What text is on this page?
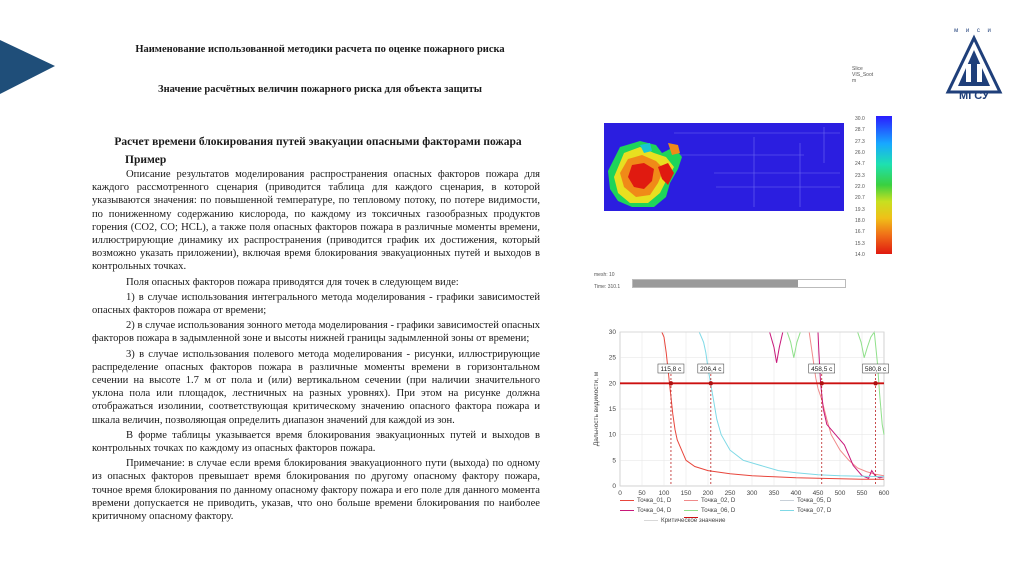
м и с и
МГСУ
Наименование использованной методики расчета по оценке пожарного риска
Значение расчётных величин пожарного риска для объекта защиты
Расчет времени блокирования путей эвакуации опасными факторами пожара
Пример

Описание результатов моделирования распространения опасных факторов пожара для каждого рассмотренного сценария (приводится таблица для каждого сценария, в которой указываются значения: по повышенной температуре, по тепловому потоку, по потере видимости, по пониженному содержанию кислорода, по каждому из токсичных газообразных продуктов горения (CO2, CO; HCL), а также поля опасных факторов пожара в различные моменты времени, иллюстрирующие динамику их распространения (приводится график их достижения, который возможно указать приложении), включая время блокирования эвакуационных путей и выходов в контрольных точках.

Поля опасных факторов пожара приводятся для точек в следующем виде:

1) в случае использования интегрального метода моделирования - графики зависимостей опасных факторов пожара от времени;

2) в случае использования зонного метода моделирования - графики зависимостей опасных факторов пожара в задымленной зоне и высоты нижней границы задымленной зоны от времени;

3) в случае использования полевого метода моделирования - рисунки, иллюстрирующие распределение опасных факторов пожара в различные моменты времени в горизонтальном сечении на высоте 1.7 м от пола и (или) вертикальном сечении (при наличии значительного уклона пола или площадок, лестничных на разных уровнях). При этом на рисунке должна отображаться изолинии, соответствующая критическому значению опасного фактора пожара и шкала величин, позволяющая определить диапазон значений для каждой из зон.

В форме таблицы указывается время блокирования эвакуационных путей и выходов в контрольных точках по каждому из опасных факторов пожара.

Примечание: в случае если время блокирования эвакуационного пути (выхода) по одному из опасных факторов превышает время блокирования по другому опасному фактору пожара, точное время блокирования по данному опасному фактору пожара и его поле для данного момента времени допускается не приводить, указав, что оно больше времени блокирования по наиболее критичному опасному фактору.

Slice
VIS_Soot
m
30.0
28.7
27.3
26.0
24.7
23.3
22.0
20.7
19.3
18.0
16.7
15.3
14.0
mesh: 10
Time: 310.1
0	50 100 150 200 250 300 350 400 450 500 550 600
0
5
10
15
20
25
30
115,8 с	206,4 с	458,5 с	580,8 с
Дальность видимости, м
Точка_01, D	Точка_02, D	Точка_05, D
Точка_04, D	Точка_06, D	Точка_07, D
Критическое значение
